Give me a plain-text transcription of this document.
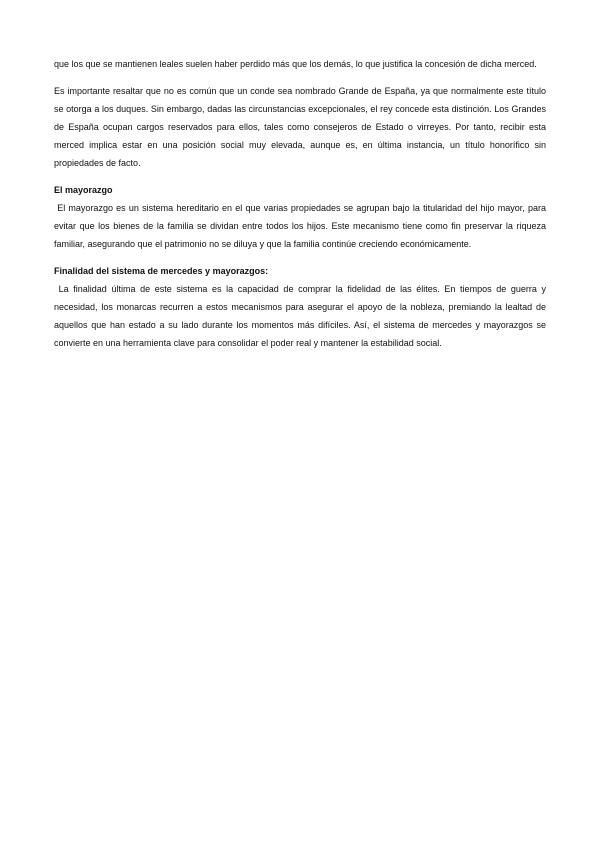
que los que se mantienen leales suelen haber perdido más que los demás, lo que justifica la concesión de dicha merced.

Es importante resaltar que no es común que un conde sea nombrado Grande de España, ya que normalmente este título se otorga a los duques. Sin embargo, dadas las circunstancias excepcionales, el rey concede esta distinción. Los Grandes de España ocupan cargos reservados para ellos, tales como consejeros de Estado o virreyes. Por tanto, recibir esta merced implica estar en una posición social muy elevada, aunque es, en última instancia, un título honorífico sin propiedades de facto.

El mayorazgo

El mayorazgo es un sistema hereditario en el que varias propiedades se agrupan bajo la titularidad del hijo mayor, para evitar que los bienes de la familia se dividan entre todos los hijos. Este mecanismo tiene como fin preservar la riqueza familiar, asegurando que el patrimonio no se diluya y que la familia continúe creciendo económicamente.

Finalidad del sistema de mercedes y mayorazgos:

La finalidad última de este sistema es la capacidad de comprar la fidelidad de las élites. En tiempos de guerra y necesidad, los monarcas recurren a estos mecanismos para asegurar el apoyo de la nobleza, premiando la lealtad de aquellos que han estado a su lado durante los momentos más difíciles. Así, el sistema de mercedes y mayorazgos se convierte en una herramienta clave para consolidar el poder real y mantener la estabilidad social.
